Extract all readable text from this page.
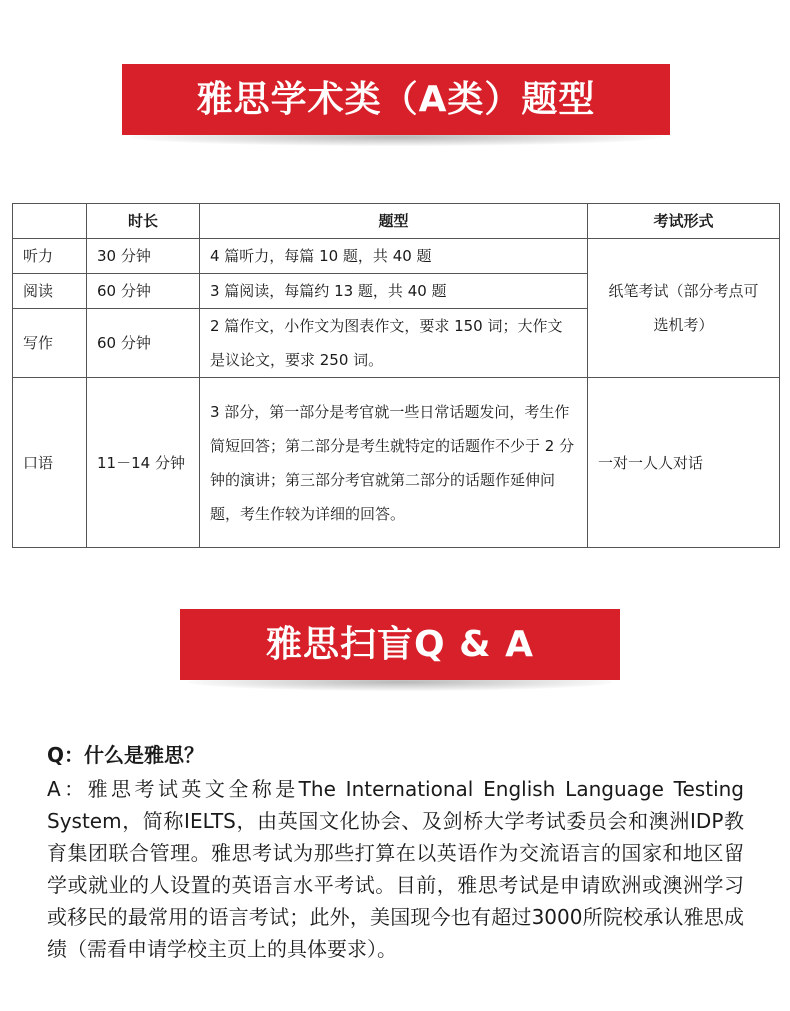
雅思学术类（A类）题型
	时长	题型	考试形式
听力	30 分钟	4 篇听力，每篇 10 题，共 40 题	纸笔考试（部分考点可选机考）
阅读	60 分钟	3 篇阅读，每篇约 13 题，共 40 题	
写作	60 分钟	2 篇作文，小作文为图表作文，要求 150 词；大作文是议论文，要求 250 词。	
口语	11－14 分钟	3 部分，第一部分是考官就一些日常话题发问，考生作简短回答；第二部分是考生就特定的话题作不少于 2 分钟的演讲；第三部分考官就第二部分的话题作延伸问题，考生作较为详细的回答。	一对一人人对话
雅思扫盲Q & A
Q：什么是雅思？
A：雅思考试英文全称是The International English Language Testing System，简称IELTS，由英国文化协会、及剑桥大学考试委员会和澳洲IDP教育集团联合管理。雅思考试为那些打算在以英语作为交流语言的国家和地区留学或就业的人设置的英语言水平考试。目前，雅思考试是申请欧洲或澳洲学习或移民的最常用的语言考试；此外，美国现今也有超过3000所院校承认雅思成绩（需看申请学校主页上的具体要求）。
